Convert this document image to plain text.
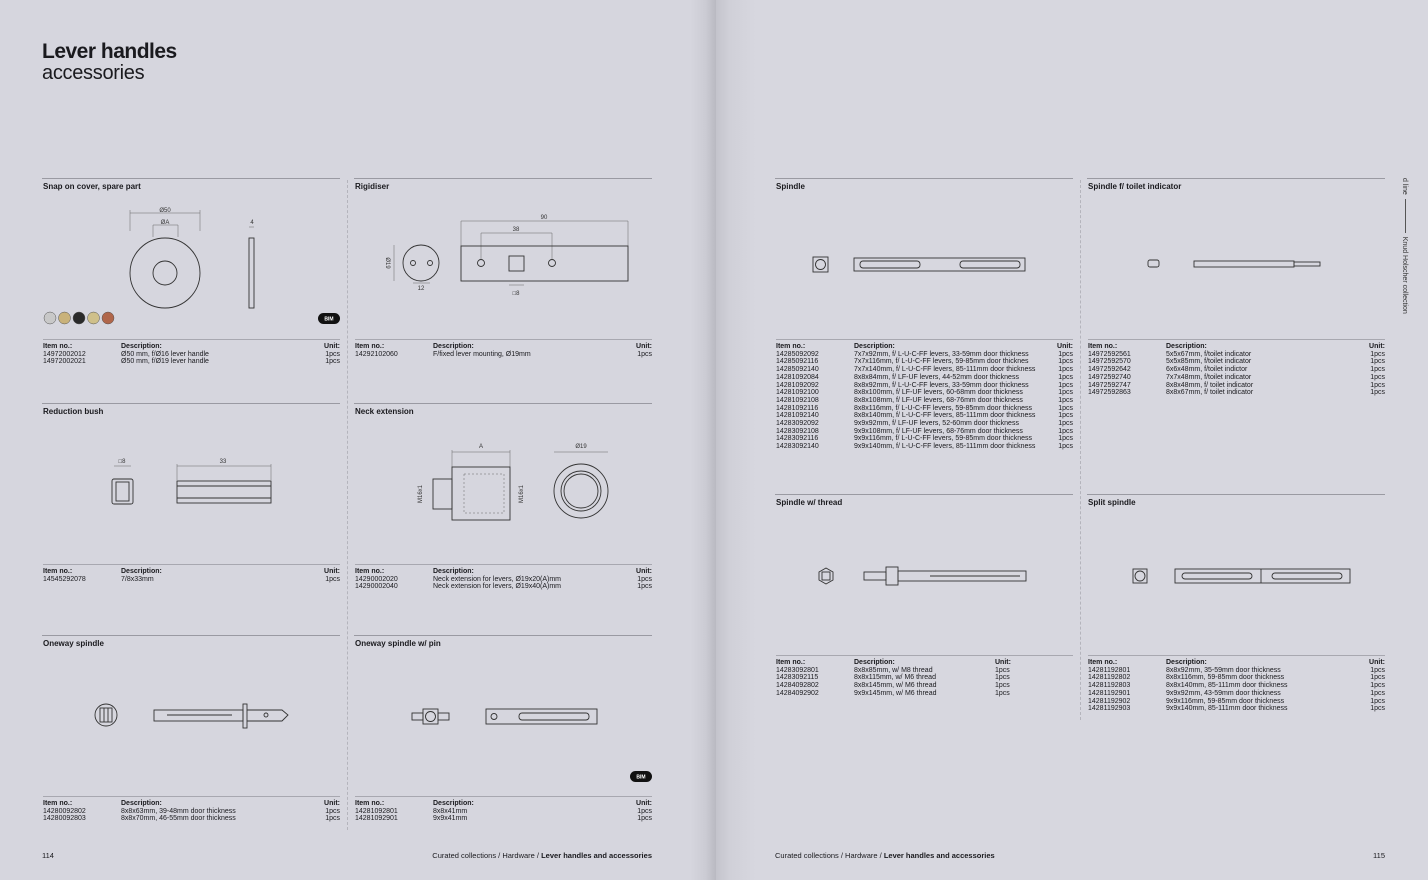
Lever handles
accessories
Ø50
ØA	4
BIM
Snap on cover, spare part
Item no.:	Description:	Unit:
14972002012	Ø50 mm, f/Ø16 lever handle	1pcs
14972002021	Ø50 mm, f/Ø19 lever handle	1pcs
Ø19
12
90
38
□8
Rigidiser
Item no.:	Description:	Unit:
14292102060	F/fixed lever mounting, Ø19mm	1pcs
□8	33
Reduction bush
Item no.:	Description:	Unit:
14545292078	7/8x33mm	1pcs
A
M16x1	M16x1
Ø19
Neck extension
Item no.:	Description:	Unit:
14290002020	Neck extension for levers, Ø19x20(A)mm	1pcs
14290002040	Neck extension for levers, Ø19x40(A)mm	1pcs
Oneway spindle
Item no.:	Description:	Unit:
14280092802	8x8x63mm, 39-48mm door thickness	1pcs
14280092803	8x8x70mm, 46-55mm door thickness	1pcs
BIM
Oneway spindle w/ pin
Item no.:	Description:	Unit:
14281092801	8x8x41mm	1pcs
14281092901	9x9x41mm	1pcs
Spindle
Item no.:	Description:	Unit:
14285092092	7x7x92mm, f/ L-U-C-FF levers, 33-59mm door thickness	1pcs
14285092116	7x7x116mm, f/ L-U-C-FF levers, 59-85mm door thicknes	1pcs
14285092140	7x7x140mm, f/ L-U-C-FF levers, 85-111mm door thickness	1pcs
14281092084	8x8x84mm, f/ LF-UF levers, 44-52mm door thickness	1pcs
14281092092	8x8x92mm, f/ L-U-C-FF levers, 33-59mm door thickness	1pcs
14281092100	8x8x100mm, f/ LF-UF levers, 60-68mm door thickness	1pcs
14281092108	8x8x108mm, f/ LF-UF levers, 68-76mm door thickness	1pcs
14281092116	8x8x116mm, f/ L-U-C-FF levers, 59-85mm door thickness	1pcs
14281092140	8x8x140mm, f/ L-U-C-FF levers, 85-111mm door thickness	1pcs
14283092092	9x9x92mm, f/ LF-UF levers, 52-60mm door thickness	1pcs
14283092108	9x9x108mm, f/ LF-UF levers, 68-76mm door thickness	1pcs
14283092116	9x9x116mm, f/ L-U-C-FF levers, 59-85mm door thickness	1pcs
14283092140	9x9x140mm, f/ L-U-C-FF levers, 85-111mm door thickness	1pcs
Spindle f/ toilet indicator
Item no.:	Description:	Unit:
14972592561	5x5x67mm, f/toilet indicator	1pcs
14972592570	5x5x85mm, f/toilet indicator	1pcs
14972592642	6x6x48mm, f/toilet indictor	1pcs
14972592740	7x7x48mm, f/toilet indicator	1pcs
14972592747	8x8x48mm, f/ toilet indicator	1pcs
14972592863	8x8x67mm, f/ toilet indicator	1pcs
Spindle w/ thread
Item no.:	Description:	Unit:
14283092801	8x8x85mm, w/ M8 thread	1pcs
14283092115	8x8x115mm, w/ M6 thread	1pcs
14284092802	8x8x145mm, w/ M6 thread	1pcs
14284092902	9x9x145mm, w/ M6 thread	1pcs
Split spindle
Item no.:	Description:	Unit:
14281192801	8x8x92mm, 35-59mm door thickness	1pcs
14281192802	8x8x116mm, 59-85mm door thickness	1pcs
14281192803	8x8x140mm, 85-111mm door thickness	1pcs
14281192901	9x9x92mm, 43-59mm door thickness	1pcs
14281192902	9x9x116mm, 59-85mm door thickness	1pcs
14281192903	9x9x140mm, 85-111mm door thickness	1pcs
114	Curated collections / Hardware / Lever handles and accessories	Curated collections / Hardware / Lever handles and accessories	115
d lineKnud Holscher collection
